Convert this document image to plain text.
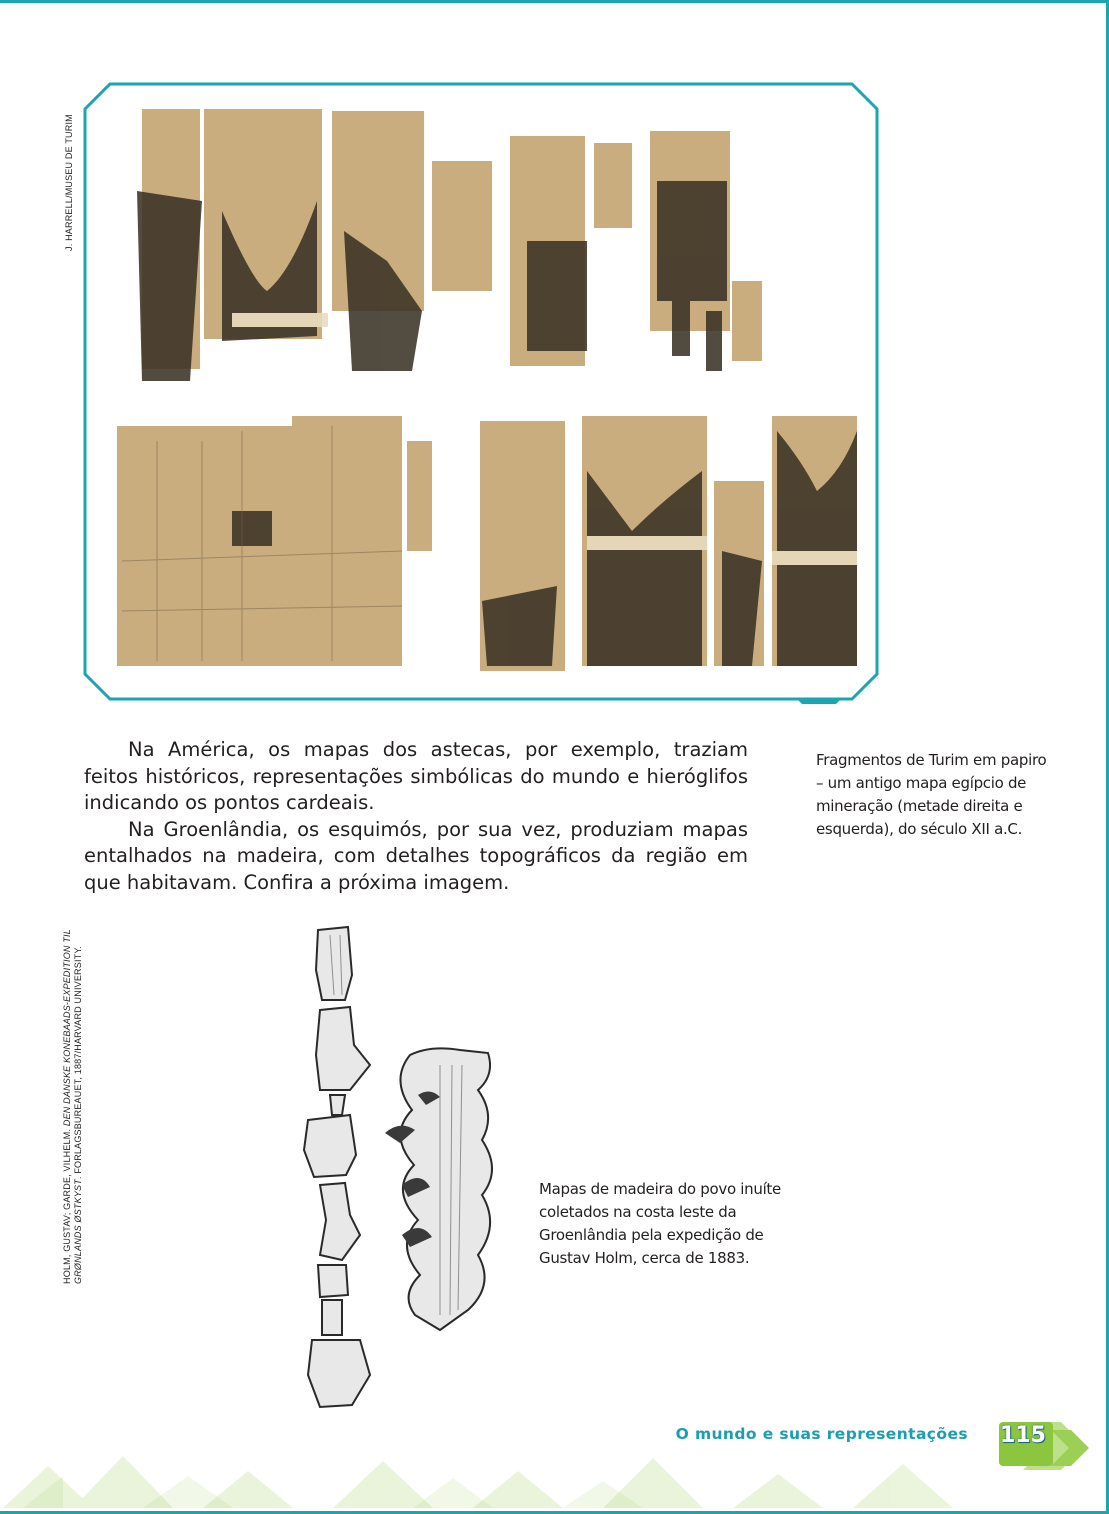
J. HARRELL/MUSEU DE TURIM

Na América, os mapas dos astecas, por exemplo, traziam feitos históricos, representações simbólicas do mundo e hieróglifos indicando os pontos cardeais.

Na Groenlândia, os esquimós, por sua vez, produziam mapas entalhados na madeira, com detalhes topográficos da região em que habitavam. Confira a próxima imagem.

Fragmentos de Turim em papiro – um antigo mapa egípcio de mineração (metade direita e esquerda), do século XII a.C.
HOLM, GUSTAV; GARDE, VILHELM. DEN DANSKE KONEBAADS-EXPEDITION TIL
GRØNLANDS ØSTKYST. FORLAGSBUREAUET, 1887/HARVARD UNIVERSITY.
Mapas de madeira do povo inuíte coletados na costa leste da Groenlândia pela expedição de Gustav Holm, cerca de 1883.
O mundo e suas representações 115
